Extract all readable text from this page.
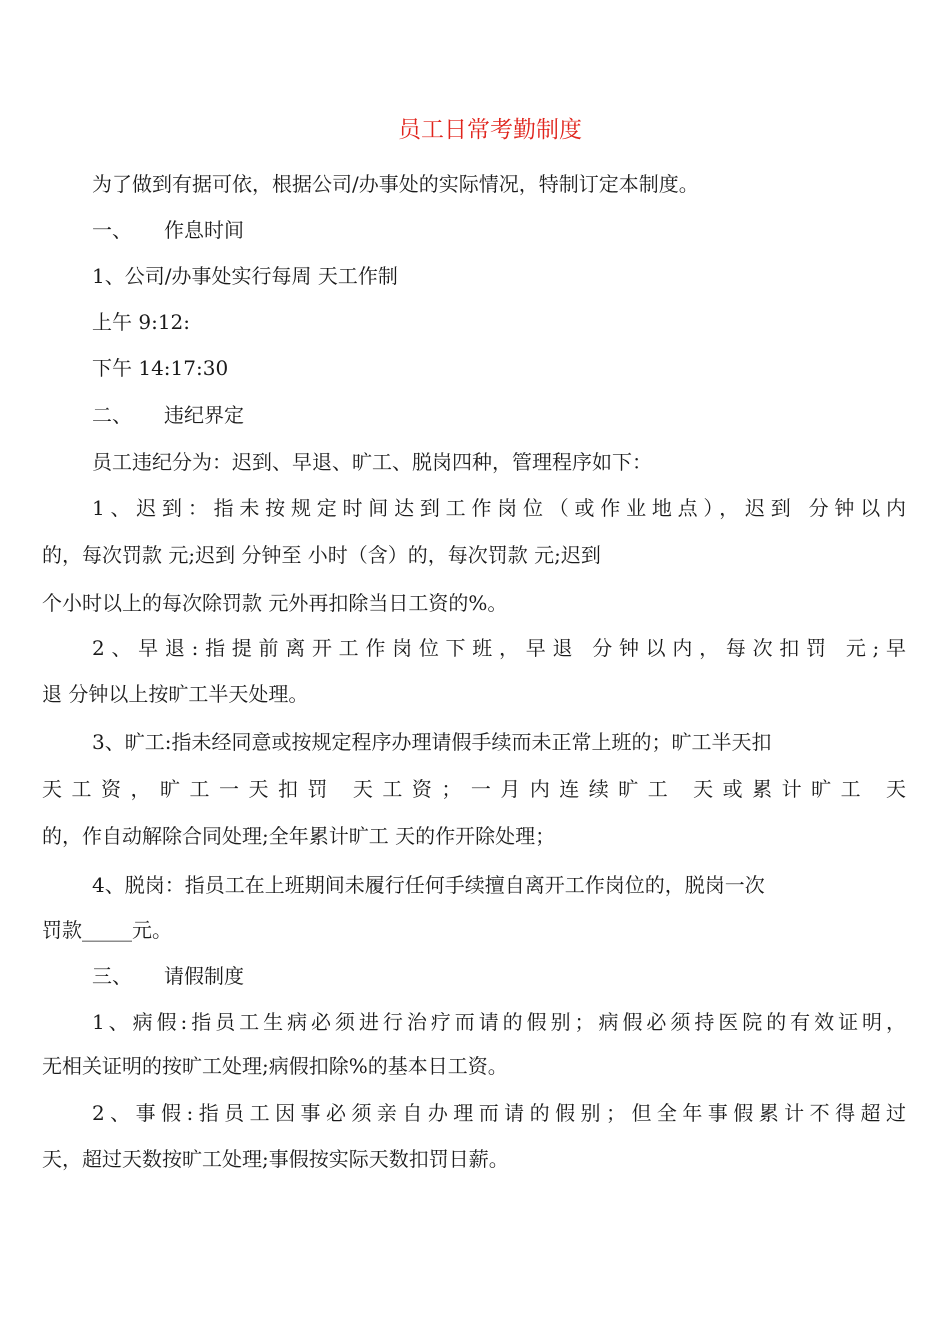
员工日常考勤制度
为了做到有据可依，根据公司/办事处的实际情况，特制订定本制度。
一、 作息时间
1、公司/办事处实行每周 天工作制
上午 9:12:
下午 14:17:30
二、 违纪界定
员工违纪分为：迟到、早退、旷工、脱岗四种，管理程序如下：
1、迟到：指未按规定时间达到工作岗位（或作业地点），迟到 分钟以内
的，每次罚款 元;迟到 分钟至 小时（含）的，每次罚款 元;迟到
个小时以上的每次除罚款 元外再扣除当日工资的%。
2、早退:指提前离开工作岗位下班，早退 分钟以内，每次扣罚 元;早
退 分钟以上按旷工半天处理。
3、旷工:指未经同意或按规定程序办理请假手续而未正常上班的；旷工半天扣
天工资，旷工一天扣罚 天工资；一月内连续旷工 天或累计旷工 天
的，作自动解除合同处理;全年累计旷工 天的作开除处理；
4、脱岗：指员工在上班期间未履行任何手续擅自离开工作岗位的，脱岗一次
罚款_____元。
三、 请假制度
1、病假:指员工生病必须进行治疗而请的假别；病假必须持医院的有效证明，
无相关证明的按旷工处理;病假扣除%的基本日工资。
2、事假:指员工因事必须亲自办理而请的假别；但全年事假累计不得超过
天，超过天数按旷工处理;事假按实际天数扣罚日薪。
